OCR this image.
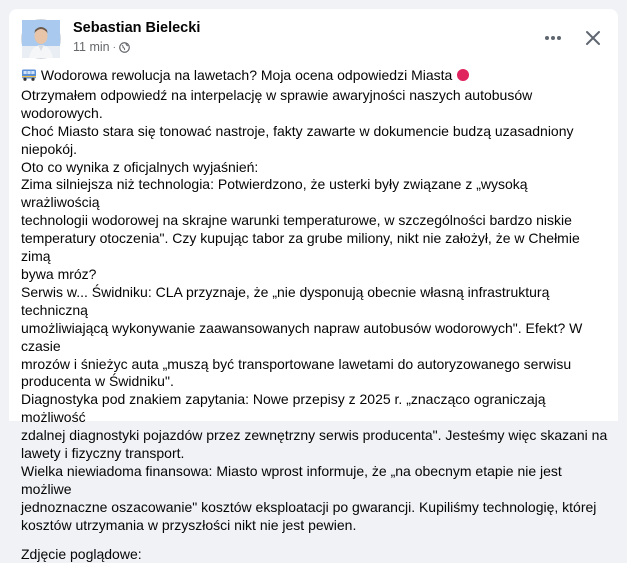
Sebastian Bielecki
11 min ·

Wodorowa rewolucja na lawetach? Moja ocena odpowiedzi Miasta

Otrzymałem odpowiedź na interpelację w sprawie awaryjności naszych autobusów wodorowych.

Choć Miasto stara się tonować nastroje, fakty zawarte w dokumencie budzą uzasadniony niepokój.

Oto co wynika z oficjalnych wyjaśnień:

Zima silniejsza niż technologia: Potwierdzono, że usterki były związane z „wysoką wrażliwością

technologii wodorowej na skrajne warunki temperaturowe, w szczególności bardzo niskie

temperatury otoczenia". Czy kupując tabor za grube miliony, nikt nie założył, że w Chełmie zimą

bywa mróz?

Serwis w... Świdniku: CLA przyznaje, że „nie dysponują obecnie własną infrastrukturą techniczną

umożliwiającą wykonywanie zaawansowanych napraw autobusów wodorowych". Efekt? W czasie

mrozów i śnieżyc auta „muszą być transportowane lawetami do autoryzowanego serwisu

producenta w Świdniku".

Diagnostyka pod znakiem zapytania: Nowe przepisy z 2025 r. „znacząco ograniczają możliwość

zdalnej diagnostyki pojazdów przez zewnętrzny serwis producenta". Jesteśmy więc skazani na

lawety i fizyczny transport.

Wielka niewiadoma finansowa: Miasto wprost informuje, że „na obecnym etapie nie jest możliwe

jednoznaczne oszacowanie" kosztów eksploatacji po gwarancji. Kupiliśmy technologię, której

kosztów utrzymania w przyszłości nikt nie jest pewien.

Zdjęcie poglądowe:
